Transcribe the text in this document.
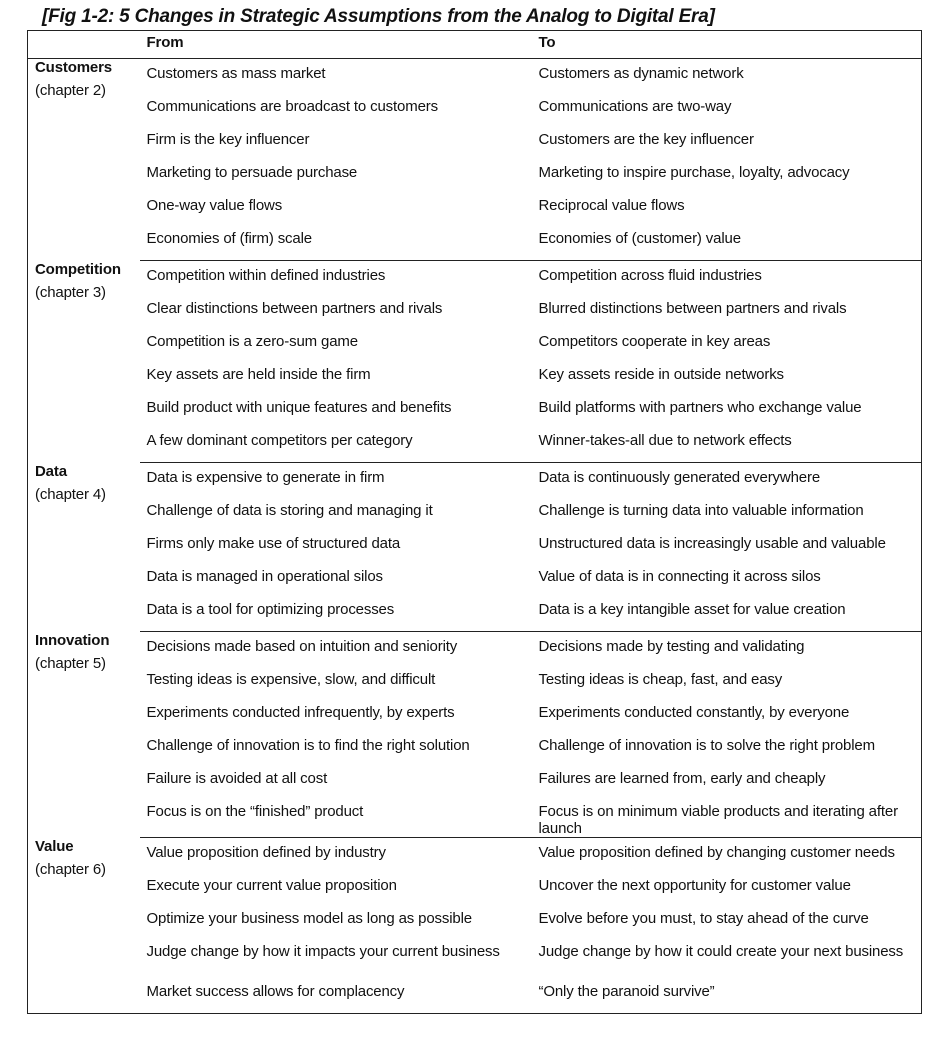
[Fig 1-2: 5 Changes in Strategic Assumptions from the Analog to Digital Era]
	From	To

Customers
(chapter 2)	Customers as mass market	Customers as dynamic network

	Communications are broadcast to customers	Communications are two-way

	Firm is the key influencer	Customers are the key influencer

	Marketing to persuade purchase	Marketing to inspire purchase, loyalty, advocacy

	One-way value flows	Reciprocal value flows

	Economies of (firm) scale	Economies of (customer) value

Competition
(chapter 3)	Competition within defined industries	Competition across fluid industries

	Clear distinctions between partners and rivals	Blurred distinctions between partners and rivals

	Competition is a zero-sum game	Competitors cooperate in key areas

	Key assets are held inside the firm	Key assets reside in outside networks

	Build product with unique features and benefits	Build platforms with partners who exchange value

	A few dominant competitors per category	Winner-takes-all due to network effects

Data
(chapter 4)	Data is expensive to generate in firm	Data is continuously generated everywhere

	Challenge of data is storing and managing it	Challenge is turning data into valuable information

	Firms only make use of structured data	Unstructured data is increasingly usable and valuable

	Data is managed in operational silos	Value of data is in connecting it across silos

	Data is a tool for optimizing processes	Data is a key intangible asset for value creation

Innovation
(chapter 5)	Decisions made based on intuition and seniority	Decisions made by testing and validating

	Testing ideas is expensive, slow, and difficult	Testing ideas is cheap, fast, and easy

	Experiments conducted infrequently, by experts	Experiments conducted constantly, by everyone

	Challenge of innovation is to find the right solution	Challenge of innovation is to solve the right problem

	Failure is avoided at all cost	Failures are learned from, early and cheaply

	Focus is on the “finished” product	Focus is on minimum viable products and iterating after launch

Value
(chapter 6)	Value proposition defined by industry	Value proposition defined by changing customer needs

	Execute your current value proposition	Uncover the next opportunity for customer value

	Optimize your business model as long as possible	Evolve before you must, to stay ahead of the curve

	Judge change by how it impacts your current business	Judge change by how it could create your next business

	Market success allows for complacency	“Only the paranoid survive”
